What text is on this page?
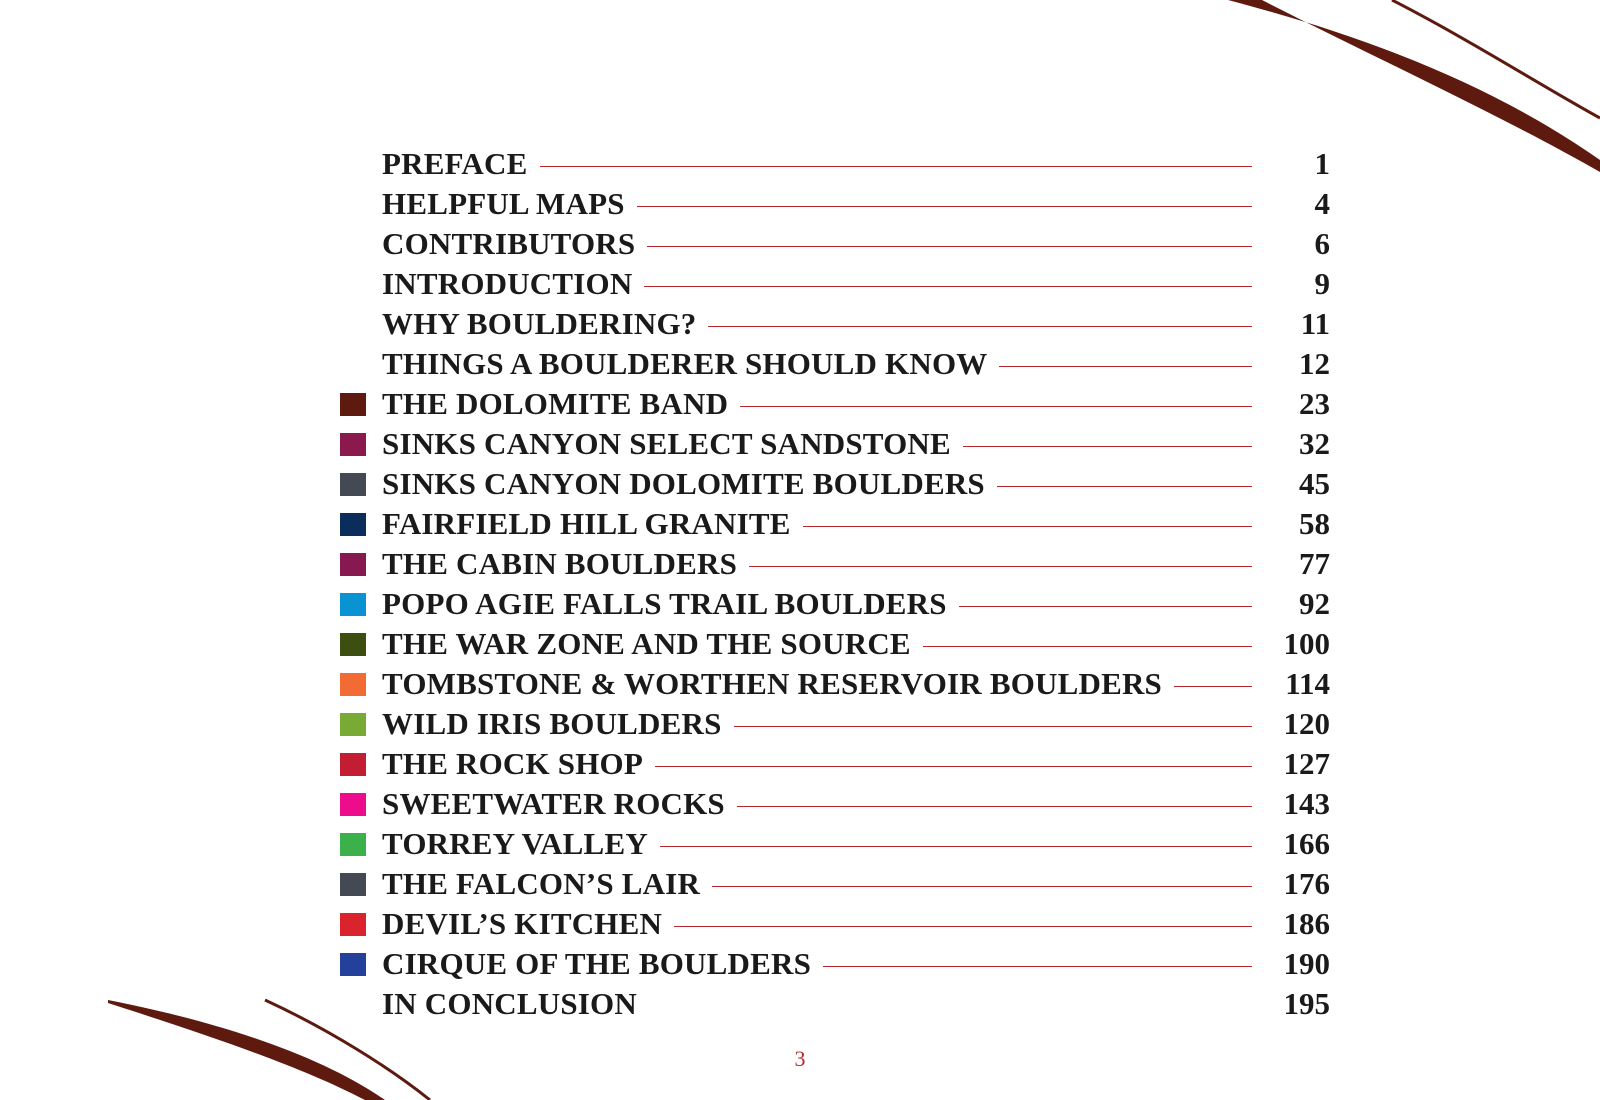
PREFACE	1
HELPFUL MAPS	4
CONTRIBUTORS	6
INTRODUCTION	9
WHY BOULDERING?	11
THINGS A BOULDERER SHOULD KNOW	12
THE DOLOMITE BAND	23
SINKS CANYON SELECT SANDSTONE	32
SINKS CANYON DOLOMITE BOULDERS	45
FAIRFIELD HILL GRANITE	58
THE CABIN BOULDERS	77
POPO AGIE FALLS TRAIL BOULDERS	92
THE WAR ZONE AND THE SOURCE	100
TOMBSTONE & WORTHEN RESERVOIR BOULDERS	114
WILD IRIS BOULDERS	120
THE ROCK SHOP	127
SWEETWATER ROCKS	143
TORREY VALLEY	166
THE FALCON’S LAIR	176
DEVIL’S KITCHEN	186
CIRQUE OF THE BOULDERS	190
IN CONCLUSION	195
3
